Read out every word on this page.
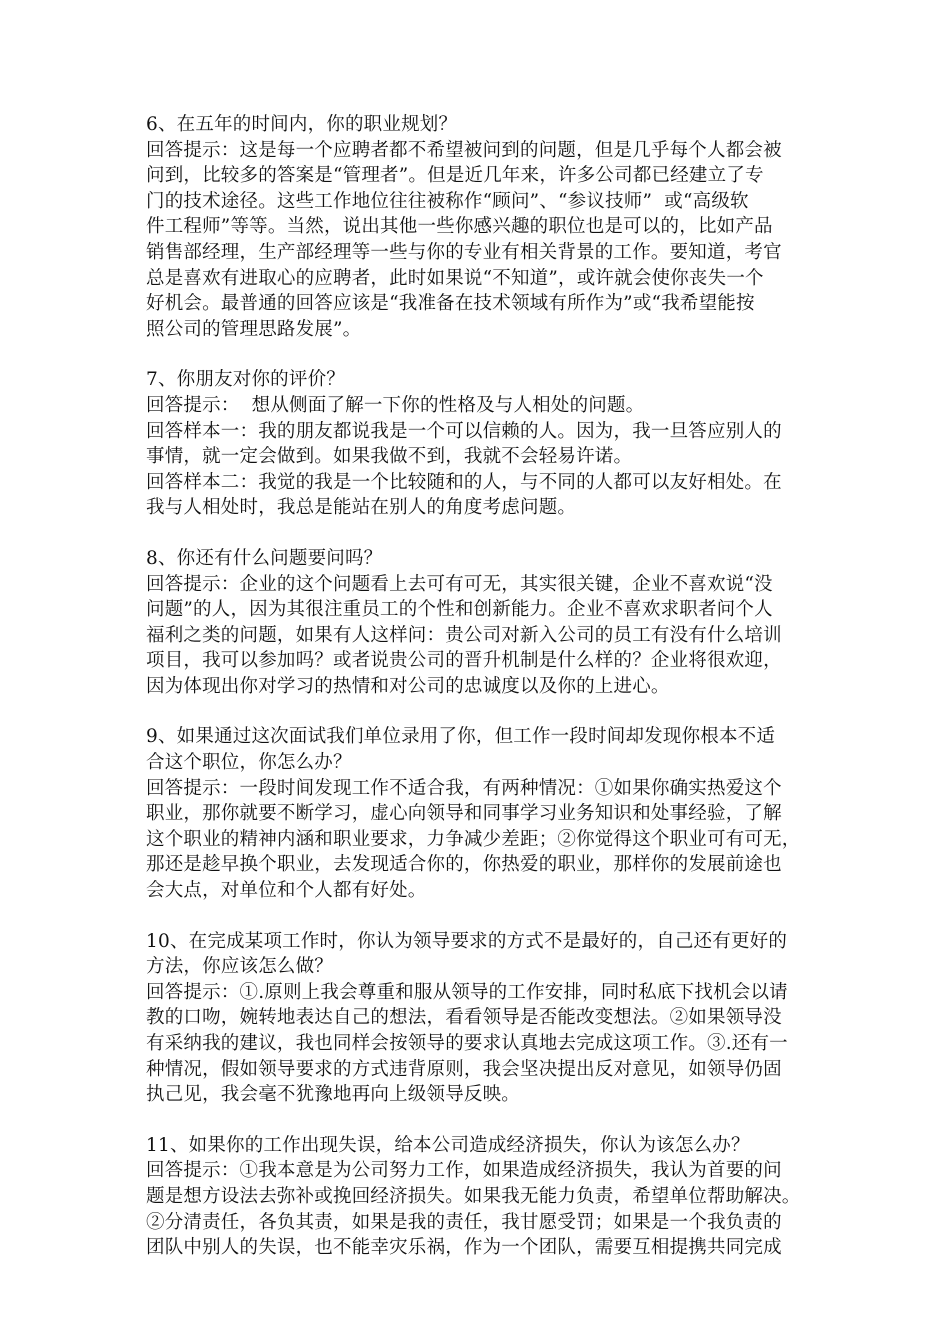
6、在五年的时间内，你的职业规划？
回答提示：这是每一个应聘者都不希望被问到的问题，但是几乎每个人都会被
问到，比较多的答案是“管理者”。但是近几年来，许多公司都已经建立了专
门的技术途径。这些工作地位往往被称作“顾问”、“参议技师”  或“高级软
件工程师”等等。当然，说出其他一些你感兴趣的职位也是可以的，比如产品
销售部经理，生产部经理等一些与你的专业有相关背景的工作。要知道，考官
总是喜欢有进取心的应聘者，此时如果说“不知道”，或许就会使你丧失一个
好机会。最普通的回答应该是“我准备在技术领域有所作为”或“我希望能按
照公司的管理思路发展”。
7、你朋友对你的评价？
回答提示：  想从侧面了解一下你的性格及与人相处的问题。
回答样本一：我的朋友都说我是一个可以信赖的人。因为，我一旦答应别人的
事情，就一定会做到。如果我做不到，我就不会轻易许诺。
回答样本二：我觉的我是一个比较随和的人，与不同的人都可以友好相处。在
我与人相处时，我总是能站在别人的角度考虑问题。
8、你还有什么问题要问吗？
回答提示：企业的这个问题看上去可有可无，其实很关键，企业不喜欢说“没
问题”的人，因为其很注重员工的个性和创新能力。企业不喜欢求职者问个人
福利之类的问题，如果有人这样问：贵公司对新入公司的员工有没有什么培训
项目，我可以参加吗？或者说贵公司的晋升机制是什么样的？企业将很欢迎，
因为体现出你对学习的热情和对公司的忠诚度以及你的上进心。
9、如果通过这次面试我们单位录用了你，但工作一段时间却发现你根本不适
合这个职位，你怎么办？
回答提示：一段时间发现工作不适合我，有两种情况：①如果你确实热爱这个
职业，那你就要不断学习，虚心向领导和同事学习业务知识和处事经验，了解
这个职业的精神内涵和职业要求，力争减少差距；②你觉得这个职业可有可无，
那还是趁早换个职业，去发现适合你的，你热爱的职业，那样你的发展前途也
会大点，对单位和个人都有好处。
10、在完成某项工作时，你认为领导要求的方式不是最好的，自己还有更好的
方法，你应该怎么做？
回答提示：①.原则上我会尊重和服从领导的工作安排，同时私底下找机会以请
教的口吻，婉转地表达自己的想法，看看领导是否能改变想法。②如果领导没
有采纳我的建议，我也同样会按领导的要求认真地去完成这项工作。③.还有一
种情况，假如领导要求的方式违背原则，我会坚决提出反对意见，如领导仍固
执己见，我会毫不犹豫地再向上级领导反映。
11、如果你的工作出现失误，给本公司造成经济损失，你认为该怎么办？
回答提示：①我本意是为公司努力工作，如果造成经济损失，我认为首要的问
题是想方设法去弥补或挽回经济损失。如果我无能力负责，希望单位帮助解决。
②分清责任，各负其责，如果是我的责任，我甘愿受罚；如果是一个我负责的
团队中别人的失误，也不能幸灾乐祸，作为一个团队，需要互相提携共同完成
